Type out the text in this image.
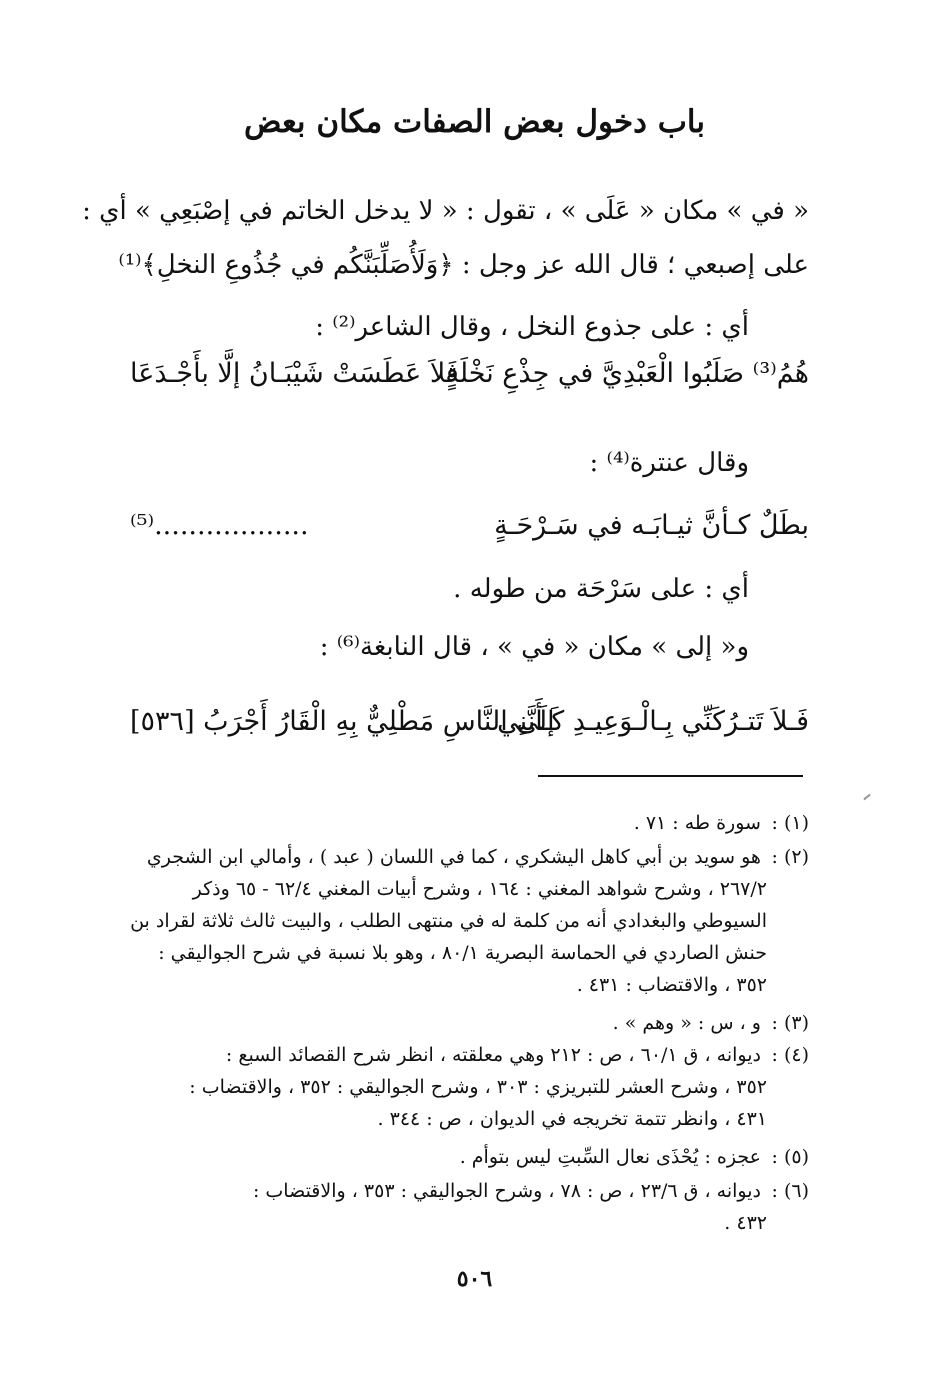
باب دخول بعض الصفات مكان بعض
« في » مكان « عَلَى » ، تقول : « لا يدخل الخاتم في إصْبَعِي » أي :
على إصبعي ؛ قال الله عز وجل : ﴿وَلَأُصَلِّبَنَّكُم في جُذُوعِ النخلِ﴾⁽¹⁾
أي : على جذوع النخل ، وقال الشاعر⁽²⁾ :
هُمُ⁽³⁾ صَلَبُوا الْعَبْدِيَّ في جِذْعِ نَخْلَةٍ
فَلاَ عَطَسَتْ شَيْبَـانُ إلَّا بأَجْـدَعَا
وقال عنترة⁽⁴⁾ :
بطَلٌ كـأنَّ ثيـابَـه في سَـرْحَـةٍ
..................⁽⁵⁾
أي : على سَرْحَة من طوله .
و« إلى » مكان « في » ، قال النابغة⁽⁶⁾ :
فَـلاَ تَتـرُكَنِّي بِـالْـوَعِيـدِ كَـأَنَّنِي
إلَى النَّاسِ مَطْلِيٌّ بِهِ الْقَارُ أَجْرَبُ [٥٣٦]
(١) : سورة طه : ٧١ .
(٢) : هو سويد بن أبي كاهل اليشكري ، كما في اللسان ( عبد ) ، وأمالي ابن الشجري
٢٦٧/٢ ، وشرح شواهد المغني : ١٦٤ ، وشرح أبيات المغني ٦٢/٤ - ٦٥ وذكر
السيوطي والبغدادي أنه من كلمة له في منتهى الطلب ، والبيت ثالث ثلاثة لقراد بن
حنش الصاردي في الحماسة البصرية ٨٠/١ ، وهو بلا نسبة في شرح الجواليقي :
٣٥٢ ، والاقتضاب : ٤٣١ .
(٣) : و ، س : « وهم » .
(٤) : ديوانه ، ق ٦٠/١ ، ص : ٢١٢ وهي معلقته ، انظر شرح القصائد السبع :
٣٥٢ ، وشرح العشر للتبريزي : ٣٠٣ ، وشرح الجواليقي : ٣٥٢ ، والاقتضاب :
٤٣١ ، وانظر تتمة تخريجه في الديوان ، ص : ٣٤٤ .
(٥) : عجزه : يُحْذَى نعال السِّبتِ ليس بتوأم .
(٦) : ديوانه ، ق ٢٣/٦ ، ص : ٧٨ ، وشرح الجواليقي : ٣٥٣ ، والاقتضاب :
٤٣٢ .
٥٠٦
